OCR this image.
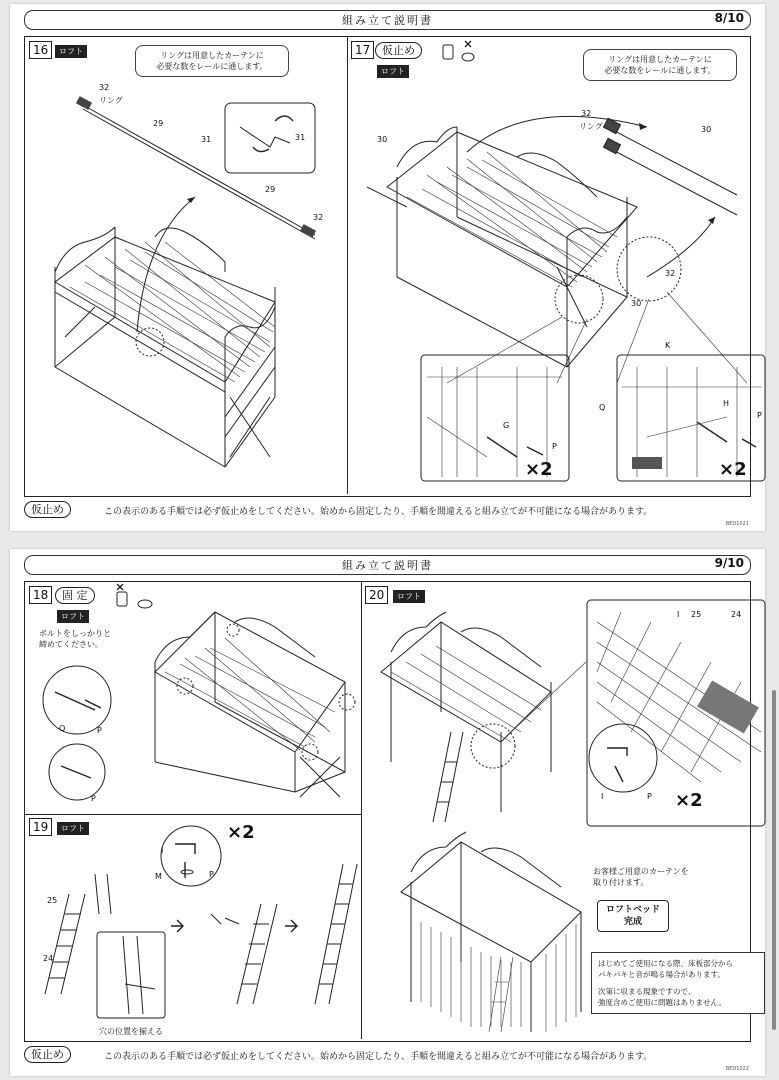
組み立て説明書	8/10
16	ロフト	リングは用意したカーテンに
必要な数をレールに通します。
32
リング
29
31
29
32
31
17	仮止め
ロフト
リングは用意したカーテンに
必要な数をレールに通します。
32
リング	30
30
32
30
G
P
×2
K
Q	H
P
×2
仮止め	この表示のある手順では必ず仮止めをしてください。始めから固定したり、手順を間違えると組み立てが不可能になる場合があります。
BED1021
組み立て説明書	9/10
18	固 定
ロフト
ボルトをしっかりと
締めてください。
Q	P
P
19	ロフト	×2
I
P
M
25
24
穴の位置を揃える
20	ロフト
×2
I 25	24
I	P
お客様ご用意のカーテンを
取り付けます。
ロフトベッド
完成
はじめてご使用になる際、床板部分から
パキパキと音が鳴る場合があります。
次第に収まる現象ですので、
強度含めご使用に問題はありません。
仮止め	この表示のある手順では必ず仮止めをしてください。始めから固定したり、手順を間違えると組み立てが不可能になる場合があります。
BED1022
